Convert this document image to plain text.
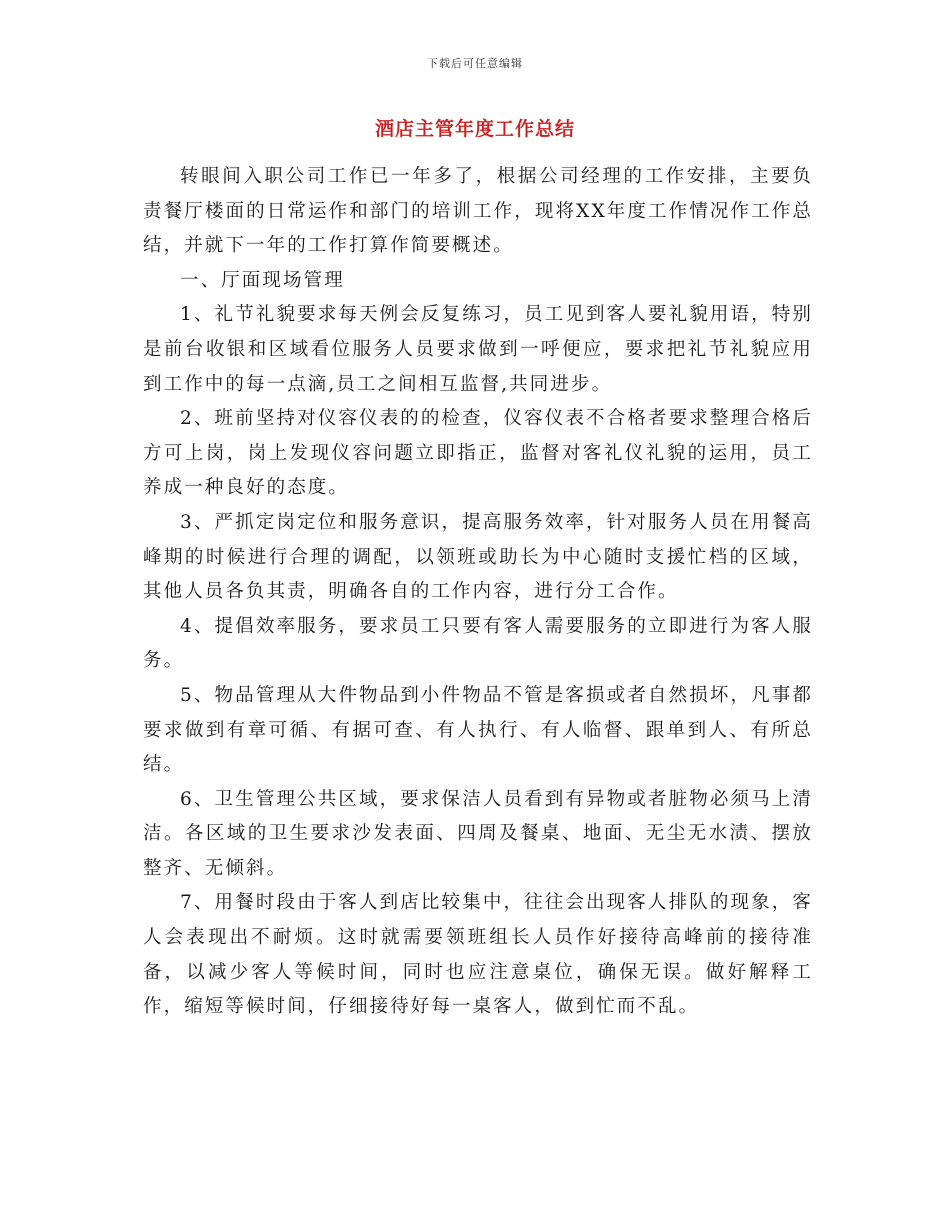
下载后可任意编辑
酒店主管年度工作总结

转眼间入职公司工作已一年多了，根据公司经理的工作安排，主要负责餐厅楼面的日常运作和部门的培训工作，现将XX年度工作情况作工作总结，并就下一年的工作打算作简要概述。

一、厅面现场管理

1、礼节礼貌要求每天例会反复练习，员工见到客人要礼貌用语，特别是前台收银和区域看位服务人员要求做到一呼便应，要求把礼节礼貌应用到工作中的每一点滴,员工之间相互监督,共同进步。

2、班前坚持对仪容仪表的的检查，仪容仪表不合格者要求整理合格后方可上岗，岗上发现仪容问题立即指正，监督对客礼仪礼貌的运用，员工养成一种良好的态度。

3、严抓定岗定位和服务意识，提高服务效率，针对服务人员在用餐高峰期的时候进行合理的调配，以领班或助长为中心随时支援忙档的区域，其他人员各负其责，明确各自的工作内容，进行分工合作。

4、提倡效率服务，要求员工只要有客人需要服务的立即进行为客人服务。

5、物品管理从大件物品到小件物品不管是客损或者自然损坏，凡事都要求做到有章可循、有据可查、有人执行、有人临督、跟单到人、有所总结。

6、卫生管理公共区域，要求保洁人员看到有异物或者脏物必须马上清洁。各区域的卫生要求沙发表面、四周及餐桌、地面、无尘无水渍、摆放整齐、无倾斜。

7、用餐时段由于客人到店比较集中，往往会出现客人排队的现象，客人会表现出不耐烦。这时就需要领班组长人员作好接待高峰前的接待准备，以减少客人等候时间，同时也应注意桌位，确保无误。做好解释工作，缩短等候时间，仔细接待好每一桌客人，做到忙而不乱。
